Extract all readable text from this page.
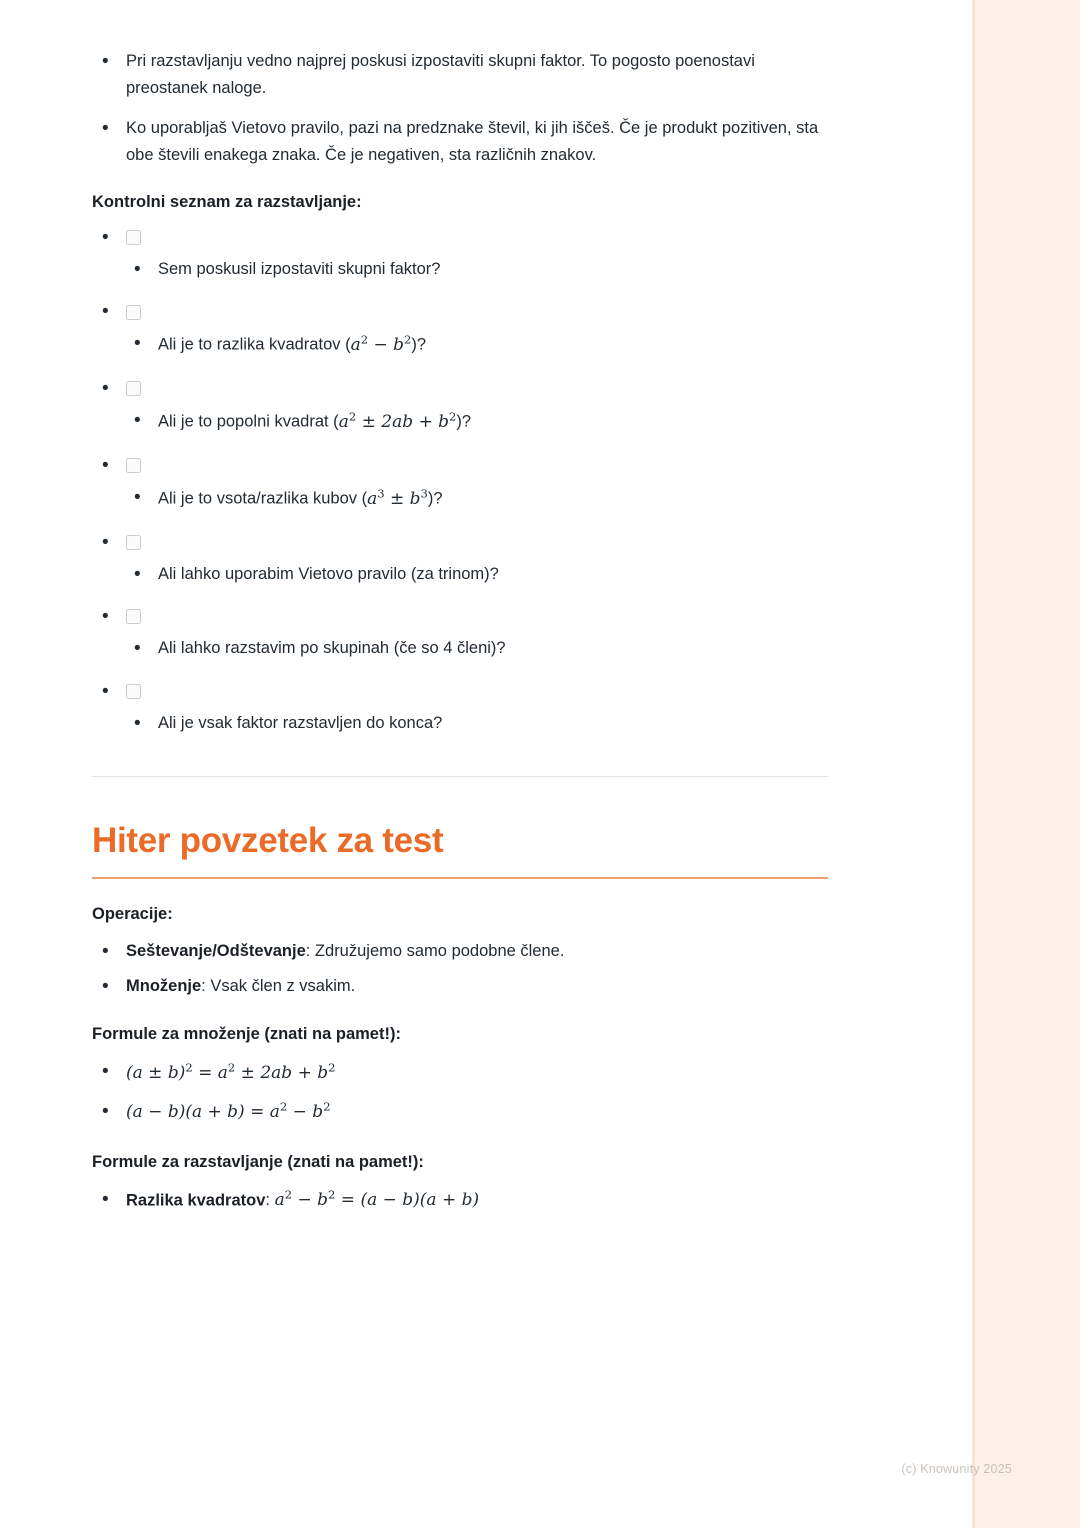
• Pri razstavljanju vedno najprej poskusi izpostaviti skupni faktor. To pogosto poenostavi preostanek naloge.
• Ko uporabljaš Vietovo pravilo, pazi na predznake števil, ki jih iščeš. Če je produkt pozitiven, sta obe števili enakega znaka. Če je negativen, sta različnih znakov.
Kontrolni seznam za razstavljanje:
• • Sem poskusil izpostaviti skupni faktor?
• • Ali je to razlika kvadratov $(a^2 - b^2)$?
• • Ali je to popolni kvadrat $(a^2 \pm 2ab + b^2)$?
• • Ali je to vsota/razlika kubov $(a^3 \pm b^3)$?
• • Ali lahko uporabim Vietovo pravilo (za trinom)?
• • Ali lahko razstavim po skupinah (če so 4 členi)?
• • Ali je vsak faktor razstavljen do konca?
Hiter povzetek za test
Operacije:
• Seštevanje/Odštevanje: Združujemo samo podobne člene.
• Množenje: Vsak člen z vsakim.
Formule za množenje (znati na pamet!):
• $(a \pm b)^2 = a^2 \pm 2ab + b^2$
• $(a - b)(a + b) = a^2 - b^2$
Formule za razstavljanje (znati na pamet!):
• Razlika kvadratov: $a^2 - b^2 = (a - b)(a + b)$
(c) Knowunity 2025
